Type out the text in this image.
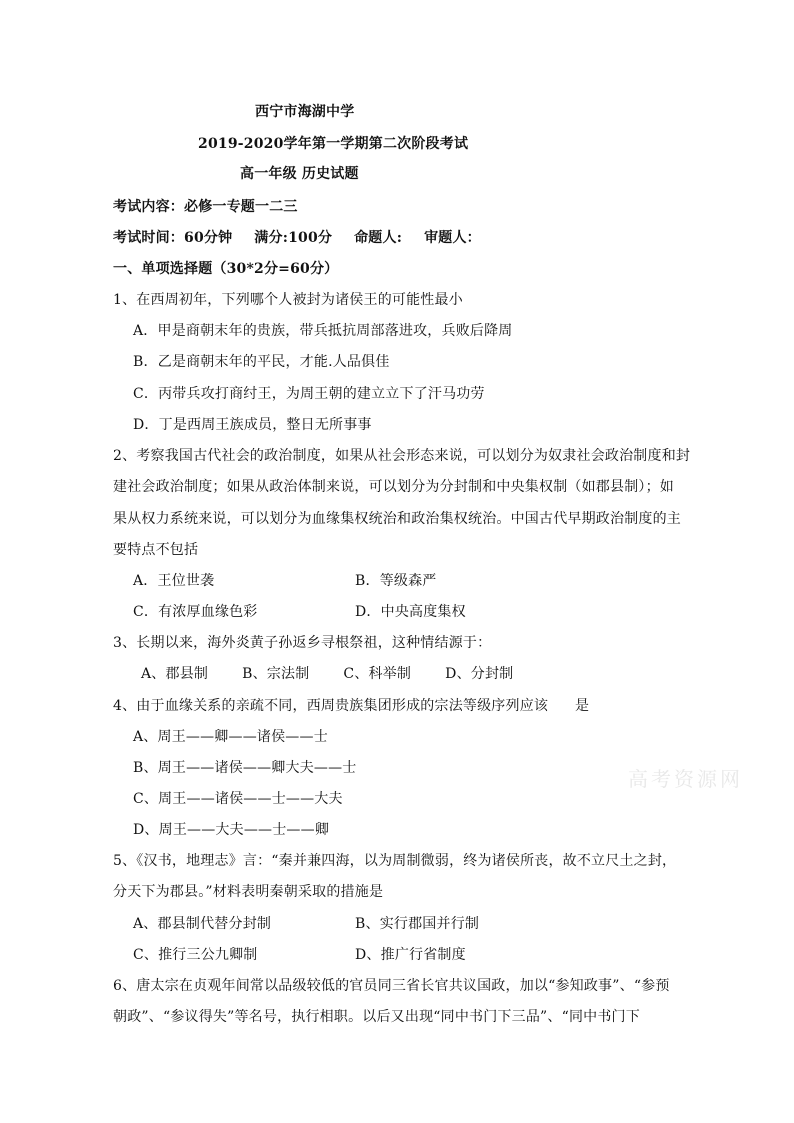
西宁市海湖中学
2019-2020学年第一学期第二次阶段考试
高一年级 历史试题
考试内容：必修一专题一二三
考试时间：60分钟 满分:100分 命题人: 审题人：
一、单项选择题（30*2分=60分）
1、在西周初年，下列哪个人被封为诸侯王的可能性最小
A．甲是商朝末年的贵族，带兵抵抗周部落进攻，兵败后降周
B．乙是商朝末年的平民，才能.人品俱佳
C．丙带兵攻打商纣王，为周王朝的建立立下了汗马功劳
D．丁是西周王族成员，整日无所事事
2、考察我国古代社会的政治制度，如果从社会形态来说，可以划分为奴隶社会政治制度和封
建社会政治制度；如果从政治体制来说，可以划分为分封制和中央集权制（如郡县制）；如
果从权力系统来说，可以划分为血缘集权统治和政治集权统治。中国古代早期政治制度的主
要特点不包括
A．王位世袭	B．等级森严
C．有浓厚血缘色彩	D．中央高度集权
3、长期以来，海外炎黄子孙返乡寻根祭祖，这种情结源于：
A、郡县制 B、宗法制 C、科举制 D、分封制
4、由于血缘关系的亲疏不同，西周贵族集团形成的宗法等级序列应该 是
A、周王——卿——诸侯——士
B、周王——诸侯——卿大夫——士
C、周王——诸侯——士——大夫
D、周王——大夫——士——卿
5、《汉书，地理志》言：“秦并兼四海，以为周制微弱，终为诸侯所丧，故不立尺土之封，
分天下为郡县。”材料表明秦朝采取的措施是
A、郡县制代替分封制	B、实行郡国并行制
C、推行三公九卿制	D、推广行省制度
6、唐太宗在贞观年间常以品级较低的官员同三省长官共议国政，加以“参知政事”、“参预
朝政”、“参议得失”等名号，执行相职。以后又出现“同中书门下三品”、“同中书门下
高考资源网
